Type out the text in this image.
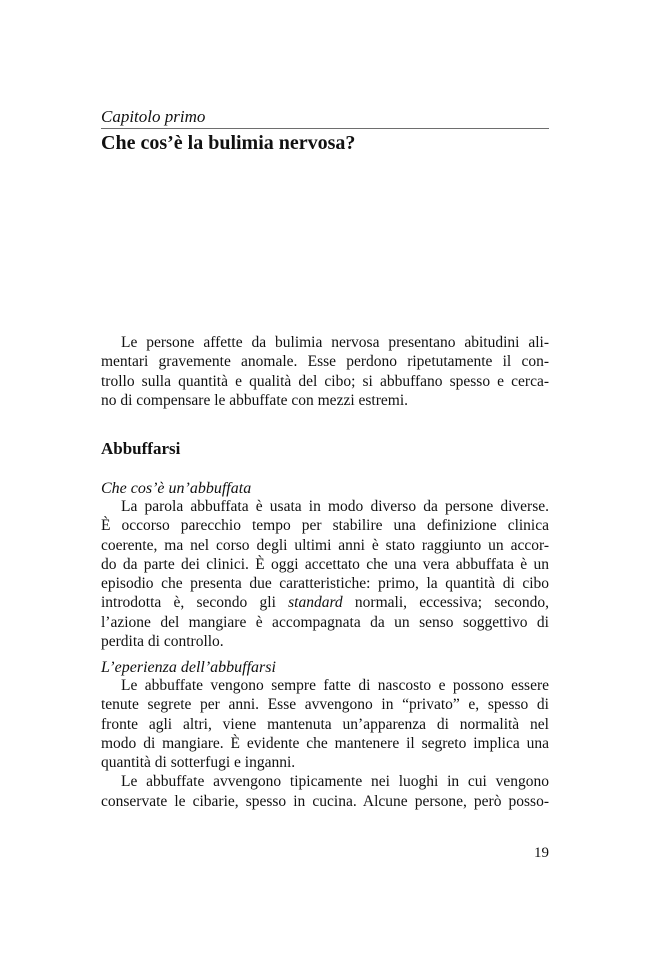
Capitolo primo

Che cos’è la bulimia nervosa?

Le persone affette da bulimia nervosa presentano abitudini ali-
mentari gravemente anomale. Esse perdono ripetutamente il con-
trollo sulla quantità e qualità del cibo; si abbuffano spesso e cerca-
no di compensare le abbuffate con mezzi estremi.

Abbuffarsi
Che cos’è un’abbuffata

La parola abbuffata è usata in modo diverso da persone diverse.
È occorso parecchio tempo per stabilire una definizione clinica
coerente, ma nel corso degli ultimi anni è stato raggiunto un accor-
do da parte dei clinici. È oggi accettato che una vera abbuffata è un
episodio che presenta due caratteristiche: primo, la quantità di cibo
introdotta è, secondo gli standard normali, eccessiva; secondo,
l’azione del mangiare è accompagnata da un senso soggettivo di
perdita di controllo.

L’eperienza dell’abbuffarsi

Le abbuffate vengono sempre fatte di nascosto e possono essere
tenute segrete per anni. Esse avvengono in “privato” e, spesso di
fronte agli altri, viene mantenuta un’apparenza di normalità nel
modo di mangiare. È evidente che mantenere il segreto implica una
quantità di sotterfugi e inganni.
Le abbuffate avvengono tipicamente nei luoghi in cui vengono
conservate le cibarie, spesso in cucina. Alcune persone, però posso-

19
